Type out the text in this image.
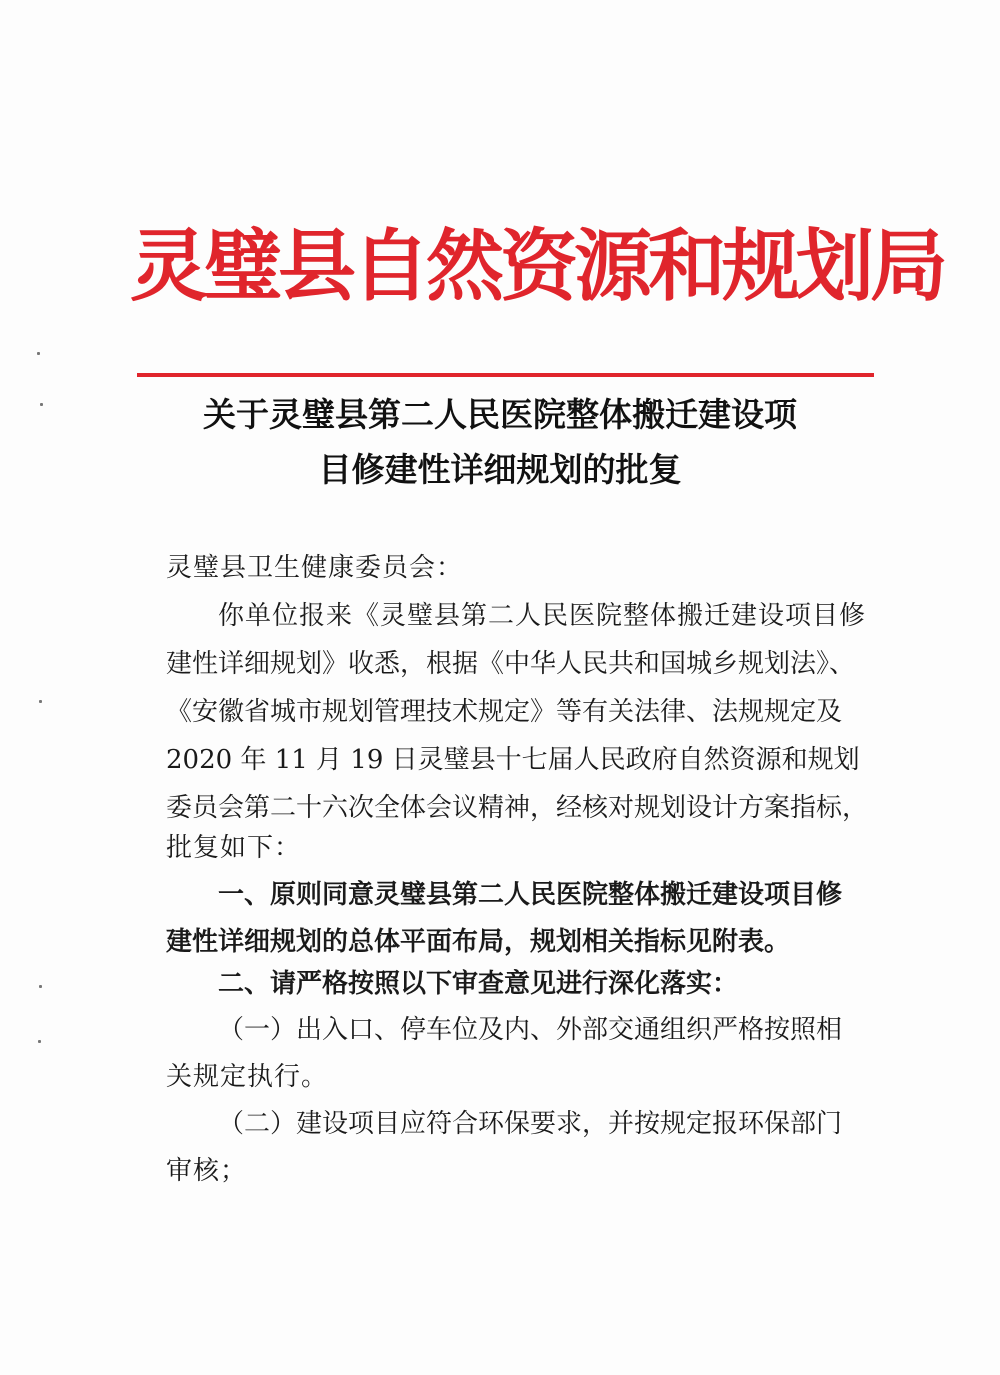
灵璧县自然资源和规划局
关于灵璧县第二人民医院整体搬迁建设项
目修建性详细规划的批复
灵璧县卫生健康委员会：
你单位报来《灵璧县第二人民医院整体搬迁建设项目修
建性详细规划》收悉，根据《中华人民共和国城乡规划法》、
《安徽省城市规划管理技术规定》等有关法律、法规规定及
2020 年 11 月 19 日灵璧县十七届人民政府自然资源和规划
委员会第二十六次全体会议精神，经核对规划设计方案指标，
批复如下：
一、原则同意灵璧县第二人民医院整体搬迁建设项目修
建性详细规划的总体平面布局，规划相关指标见附表。
二、请严格按照以下审查意见进行深化落实：
（一）出入口、停车位及内、外部交通组织严格按照相
关规定执行。
（二）建设项目应符合环保要求，并按规定报环保部门
审核；
